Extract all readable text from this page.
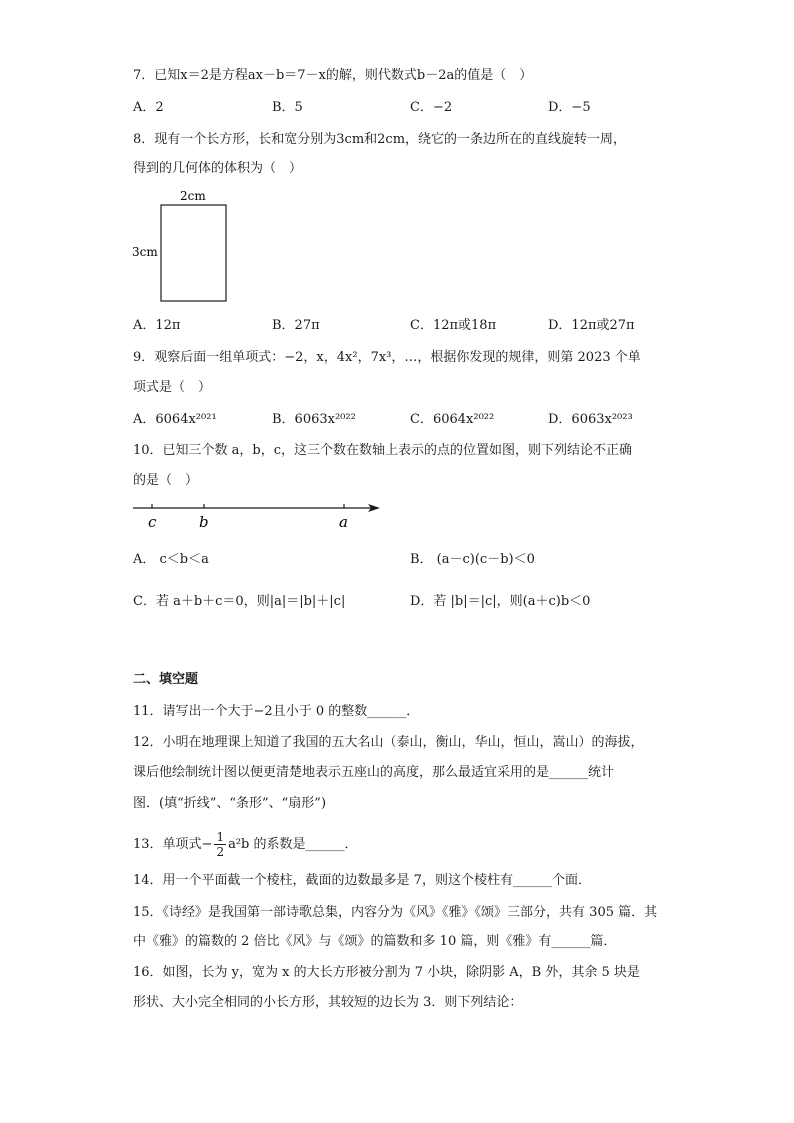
7．已知x＝2是方程ax－b＝7－x的解，则代数式b－2a的值是（　）
A．2	B．5	C．−2	D．−5
8．现有一个长方形，长和宽分别为3cm和2cm，绕它的一条边所在的直线旋转一周，
得到的几何体的体积为（　）
2cm
3cm
A．12π	B．27π	C．12π或18π	D．12π或27π
9．观察后面一组单项式：−2，x，4x²，7x³，…，根据你发现的规律，则第 2023 个单
项式是（　）
A．6064x²⁰²¹	B．6063x²⁰²²	C．6064x²⁰²²	D．6063x²⁰²³
10．已知三个数 a，b，c，这三个数在数轴上表示的点的位置如图，则下列结论不正确
的是（　）
c	b	a
A． c＜b＜a	B． (a－c)(c－b)＜0
C．若 a＋b＋c＝0，则|a|＝|b|＋|c|	D．若 |b|＝|c|，则(a＋c)b＜0
二、填空题
11．请写出一个大于−2且小于 0 的整数______．
12．小明在地理课上知道了我国的五大名山（泰山，衡山，华山，恒山，嵩山）的海拔，
课后他绘制统计图以便更清楚地表示五座山的高度，那么最适宜采用的是______统计
图．(填“折线”、“条形”、“扇形”)
13．单项式− $\frac{1}{2} a^2b$ 的系数是______．
14．用一个平面截一个棱柱，截面的边数最多是 7，则这个棱柱有______个面．
15．《诗经》是我国第一部诗歌总集，内容分为《风》《雅》《颂》三部分，共有 305 篇．其
中《雅》的篇数的 2 倍比《风》与《颂》的篇数和多 10 篇，则《雅》有______篇．
16．如图，长为 y，宽为 x 的大长方形被分割为 7 小块，除阴影 A，B 外，其余 5 块是
形状、大小完全相同的小长方形，其较短的边长为 3．则下列结论：
